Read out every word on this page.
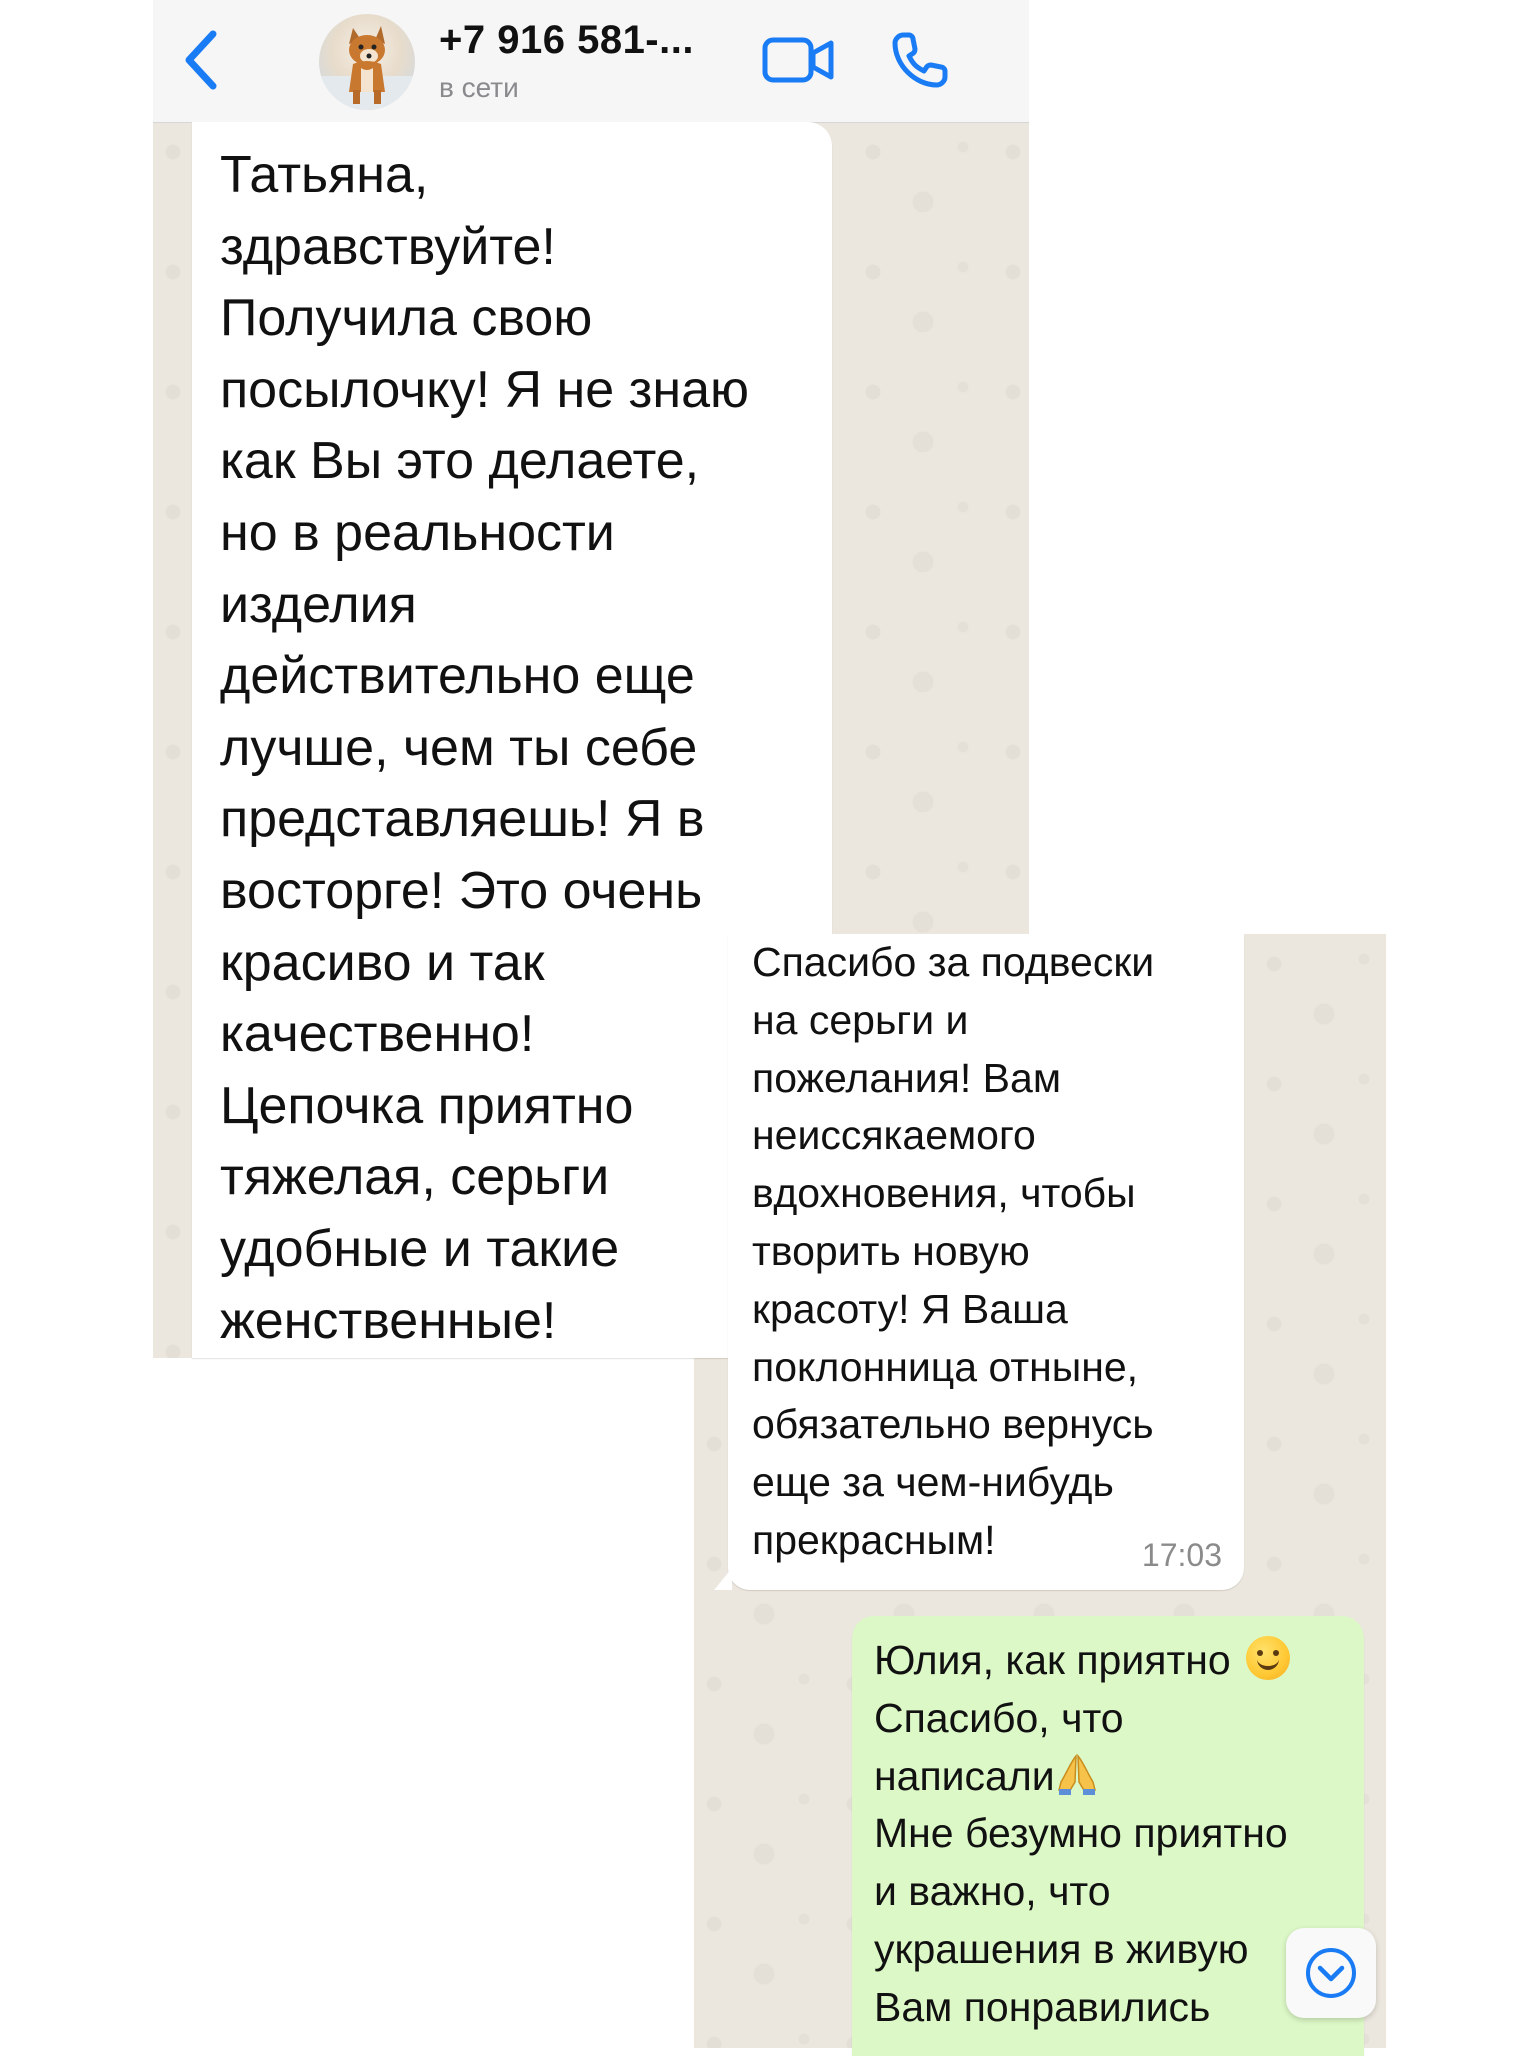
+7 916 581-...
в сети

Татьяна,
здравствуйте!
Получила свою
посылочку! Я не знаю
как Вы это делаете,
но в реальности
изделия
действительно еще
лучше, чем ты себе
представляешь! Я в
восторге! Это очень
красиво и так
качественно!
Цепочка приятно
тяжелая, серьги
удобные и такие
женственные!

Спасибо за подвески
на серьги и
пожелания! Вам
неиссякаемого
вдохновения, чтобы
творить новую
красоту! Я Ваша
поклонница отныне,
обязательно вернусь
еще за чем-нибудь
прекрасным!	17:03
Юлия, как приятно
Спасибо, что
написали
Мне безумно приятно
и важно, что
украшения в живую
Вам понравились
